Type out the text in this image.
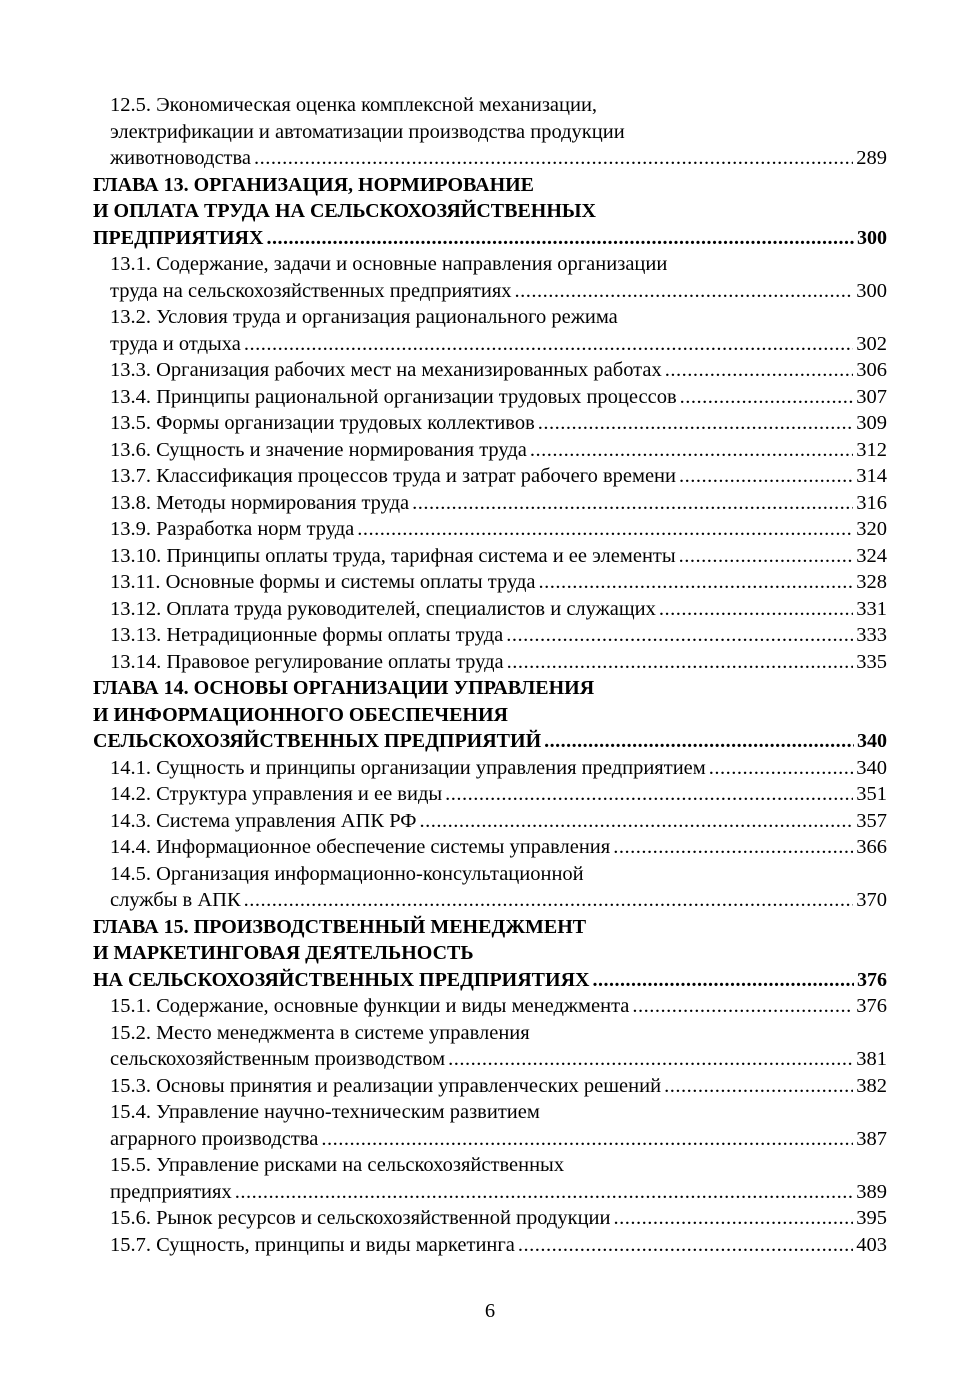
12.5. Экономическая оценка комплексной механизации,
электрификации и автоматизации производства продукции
животноводства .....	289
ГЛАВА 13. ОРГАНИЗАЦИЯ, НОРМИРОВАНИЕ
И ОПЛАТА ТРУДА НА СЕЛЬСКОХОЗЯЙСТВЕННЫХ
ПРЕДПРИЯТИЯХ .....	300
13.1. Содержание, задачи и основные направления организации
труда на сельскохозяйственных предприятиях .....	300
13.2. Условия труда и организация рационального режима
труда и отдыха .....	302
13.3. Организация рабочих мест на механизированных работах .....	306
13.4. Принципы рациональной организации трудовых процессов .....	307
13.5. Формы организации трудовых коллективов .....	309
13.6. Сущность и значение нормирования труда .....	312
13.7. Классификация процессов труда и затрат рабочего времени .....	314
13.8. Методы нормирования труда .....	316
13.9. Разработка норм труда .....	320
13.10. Принципы оплаты труда, тарифная система и ее элементы .....	324
13.11. Основные формы и системы оплаты труда .....	328
13.12. Оплата труда руководителей, специалистов и служащих .....	331
13.13. Нетрадиционные формы оплаты труда .....	333
13.14. Правовое регулирование оплаты труда .....	335
ГЛАВА 14. ОСНОВЫ ОРГАНИЗАЦИИ УПРАВЛЕНИЯ
И ИНФОРМАЦИОННОГО ОБЕСПЕЧЕНИЯ
СЕЛЬСКОХОЗЯЙСТВЕННЫХ ПРЕДПРИЯТИЙ .....	340
14.1. Сущность и принципы организации управления предприятием .....	340
14.2. Структура управления и ее виды .....	351
14.3. Система управления АПК РФ .....	357
14.4. Информационное обеспечение системы управления .....	366
14.5. Организация информационно-консультационной
службы в АПК .....	370
ГЛАВА 15. ПРОИЗВОДСТВЕННЫЙ МЕНЕДЖМЕНТ
И МАРКЕТИНГОВАЯ ДЕЯТЕЛЬНОСТЬ
НА СЕЛЬСКОХОЗЯЙСТВЕННЫХ ПРЕДПРИЯТИЯХ .....	376
15.1. Содержание, основные функции и виды менеджмента .....	376
15.2. Место менеджмента в системе управления
сельскохозяйственным производством .....	381
15.3. Основы принятия и реализации управленческих решений .....	382
15.4. Управление научно-техническим развитием
аграрного производства .....	387
15.5. Управление рисками на сельскохозяйственных
предприятиях .....	389
15.6. Рынок ресурсов и сельскохозяйственной продукции .....	395
15.7. Сущность, принципы и виды маркетинга .....	403
6
